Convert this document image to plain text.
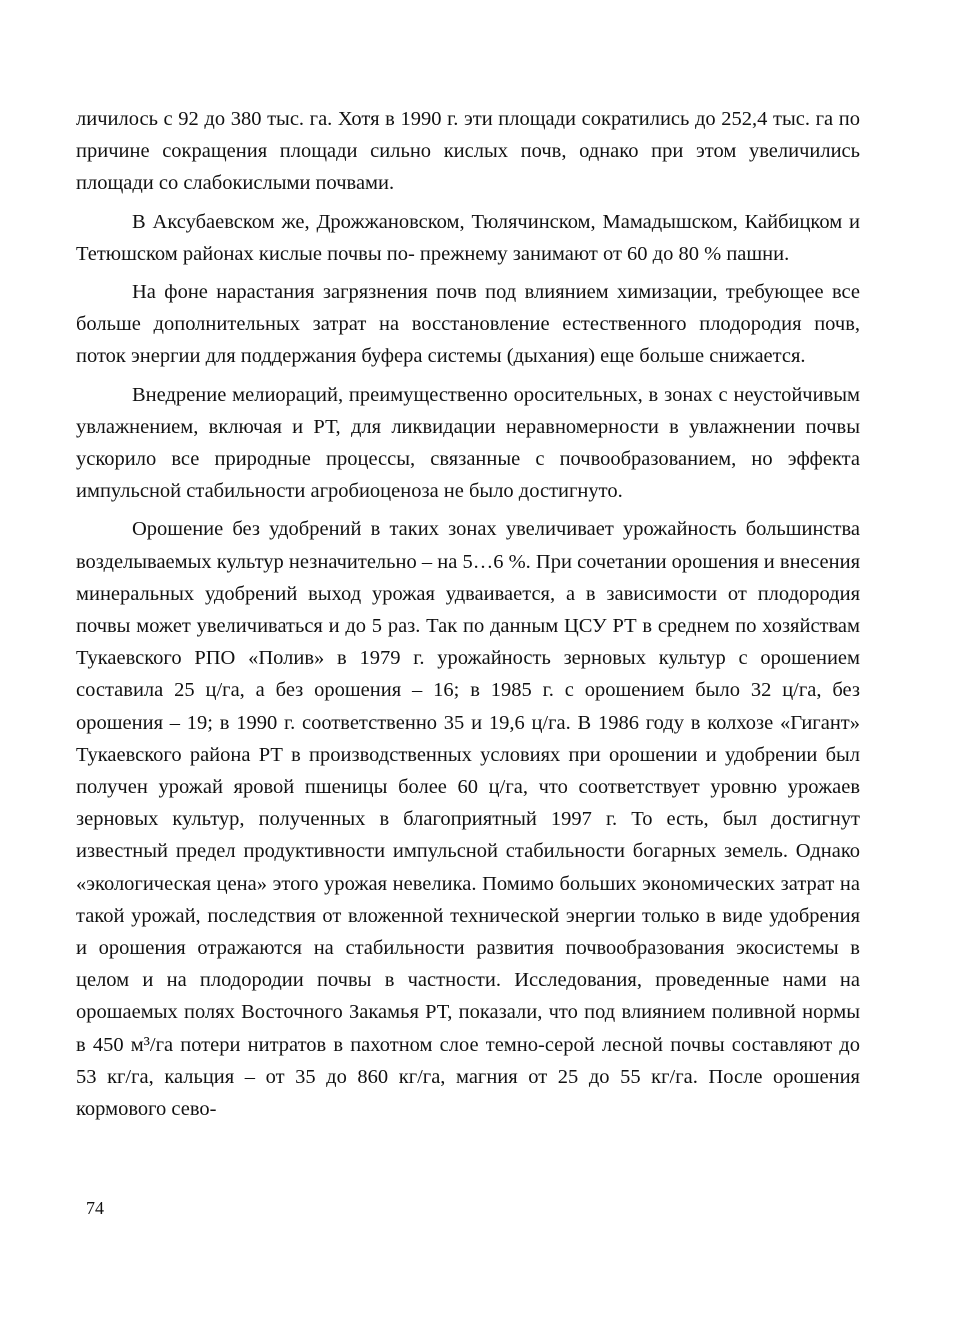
личилось с 92 до 380 тыс. га. Хотя в 1990 г. эти площади сократились до 252,4 тыс. га по причине сокращения площади сильно кислых почв, однако при этом увеличились площади со слабокислыми почвами.

В Аксубаевском же, Дрожжановском, Тюлячинском, Мамадышском, Кайбицком и Тетюшском районах кислые почвы по- прежнему занимают от 60 до 80 % пашни.

На фоне нарастания загрязнения почв под влиянием химизации, требующее все больше дополнительных затрат на восстановление естественного плодородия почв, поток энергии для поддержания буфера системы (дыхания) еще больше снижается.

Внедрение мелиораций, преимущественно оросительных, в зонах с неустойчивым увлажнением, включая и РТ, для ликвидации неравномерности в увлажнении почвы ускорило все природные процессы, связанные с почвообразованием, но эффекта импульсной стабильности агробиоценоза не было достигнуто.

Орошение без удобрений в таких зонах увеличивает урожайность большинства возделываемых культур незначительно – на 5…6 %. При сочетании орошения и внесения минеральных удобрений выход урожая удваивается, а в зависимости от плодородия почвы может увеличиваться и до 5 раз. Так по данным ЦСУ РТ в среднем по хозяйствам Тукаевского РПО «Полив» в 1979 г. урожайность зерновых культур с орошением составила 25 ц/га, а без орошения – 16; в 1985 г. с орошением было 32 ц/га, без орошения – 19; в 1990 г. соответственно 35 и 19,6 ц/га. В 1986 году в колхозе «Гигант» Тукаевского района РТ в производственных условиях при орошении и удобрении был получен урожай яровой пшеницы более 60 ц/га, что соответствует уровню урожаев зерновых культур, полученных в благоприятный 1997 г. То есть, был достигнут известный предел продуктивности импульсной стабильности богарных земель. Однако «экологическая цена» этого урожая невелика. Помимо больших экономических затрат на такой урожай, последствия от вложенной технической энергии только в виде удобрения и орошения отражаются на стабильности развития почвообразования экосистемы в целом и на плодородии почвы в частности. Исследования, проведенные нами на орошаемых полях Восточного Закамья РТ, показали, что под влиянием поливной нормы в 450 м³/га потери нитратов в пахотном слое темно-серой лесной почвы составляют до 53 кг/га, кальция – от 35 до 860 кг/га, магния от 25 до 55 кг/га. После орошения кормового сево-

74
